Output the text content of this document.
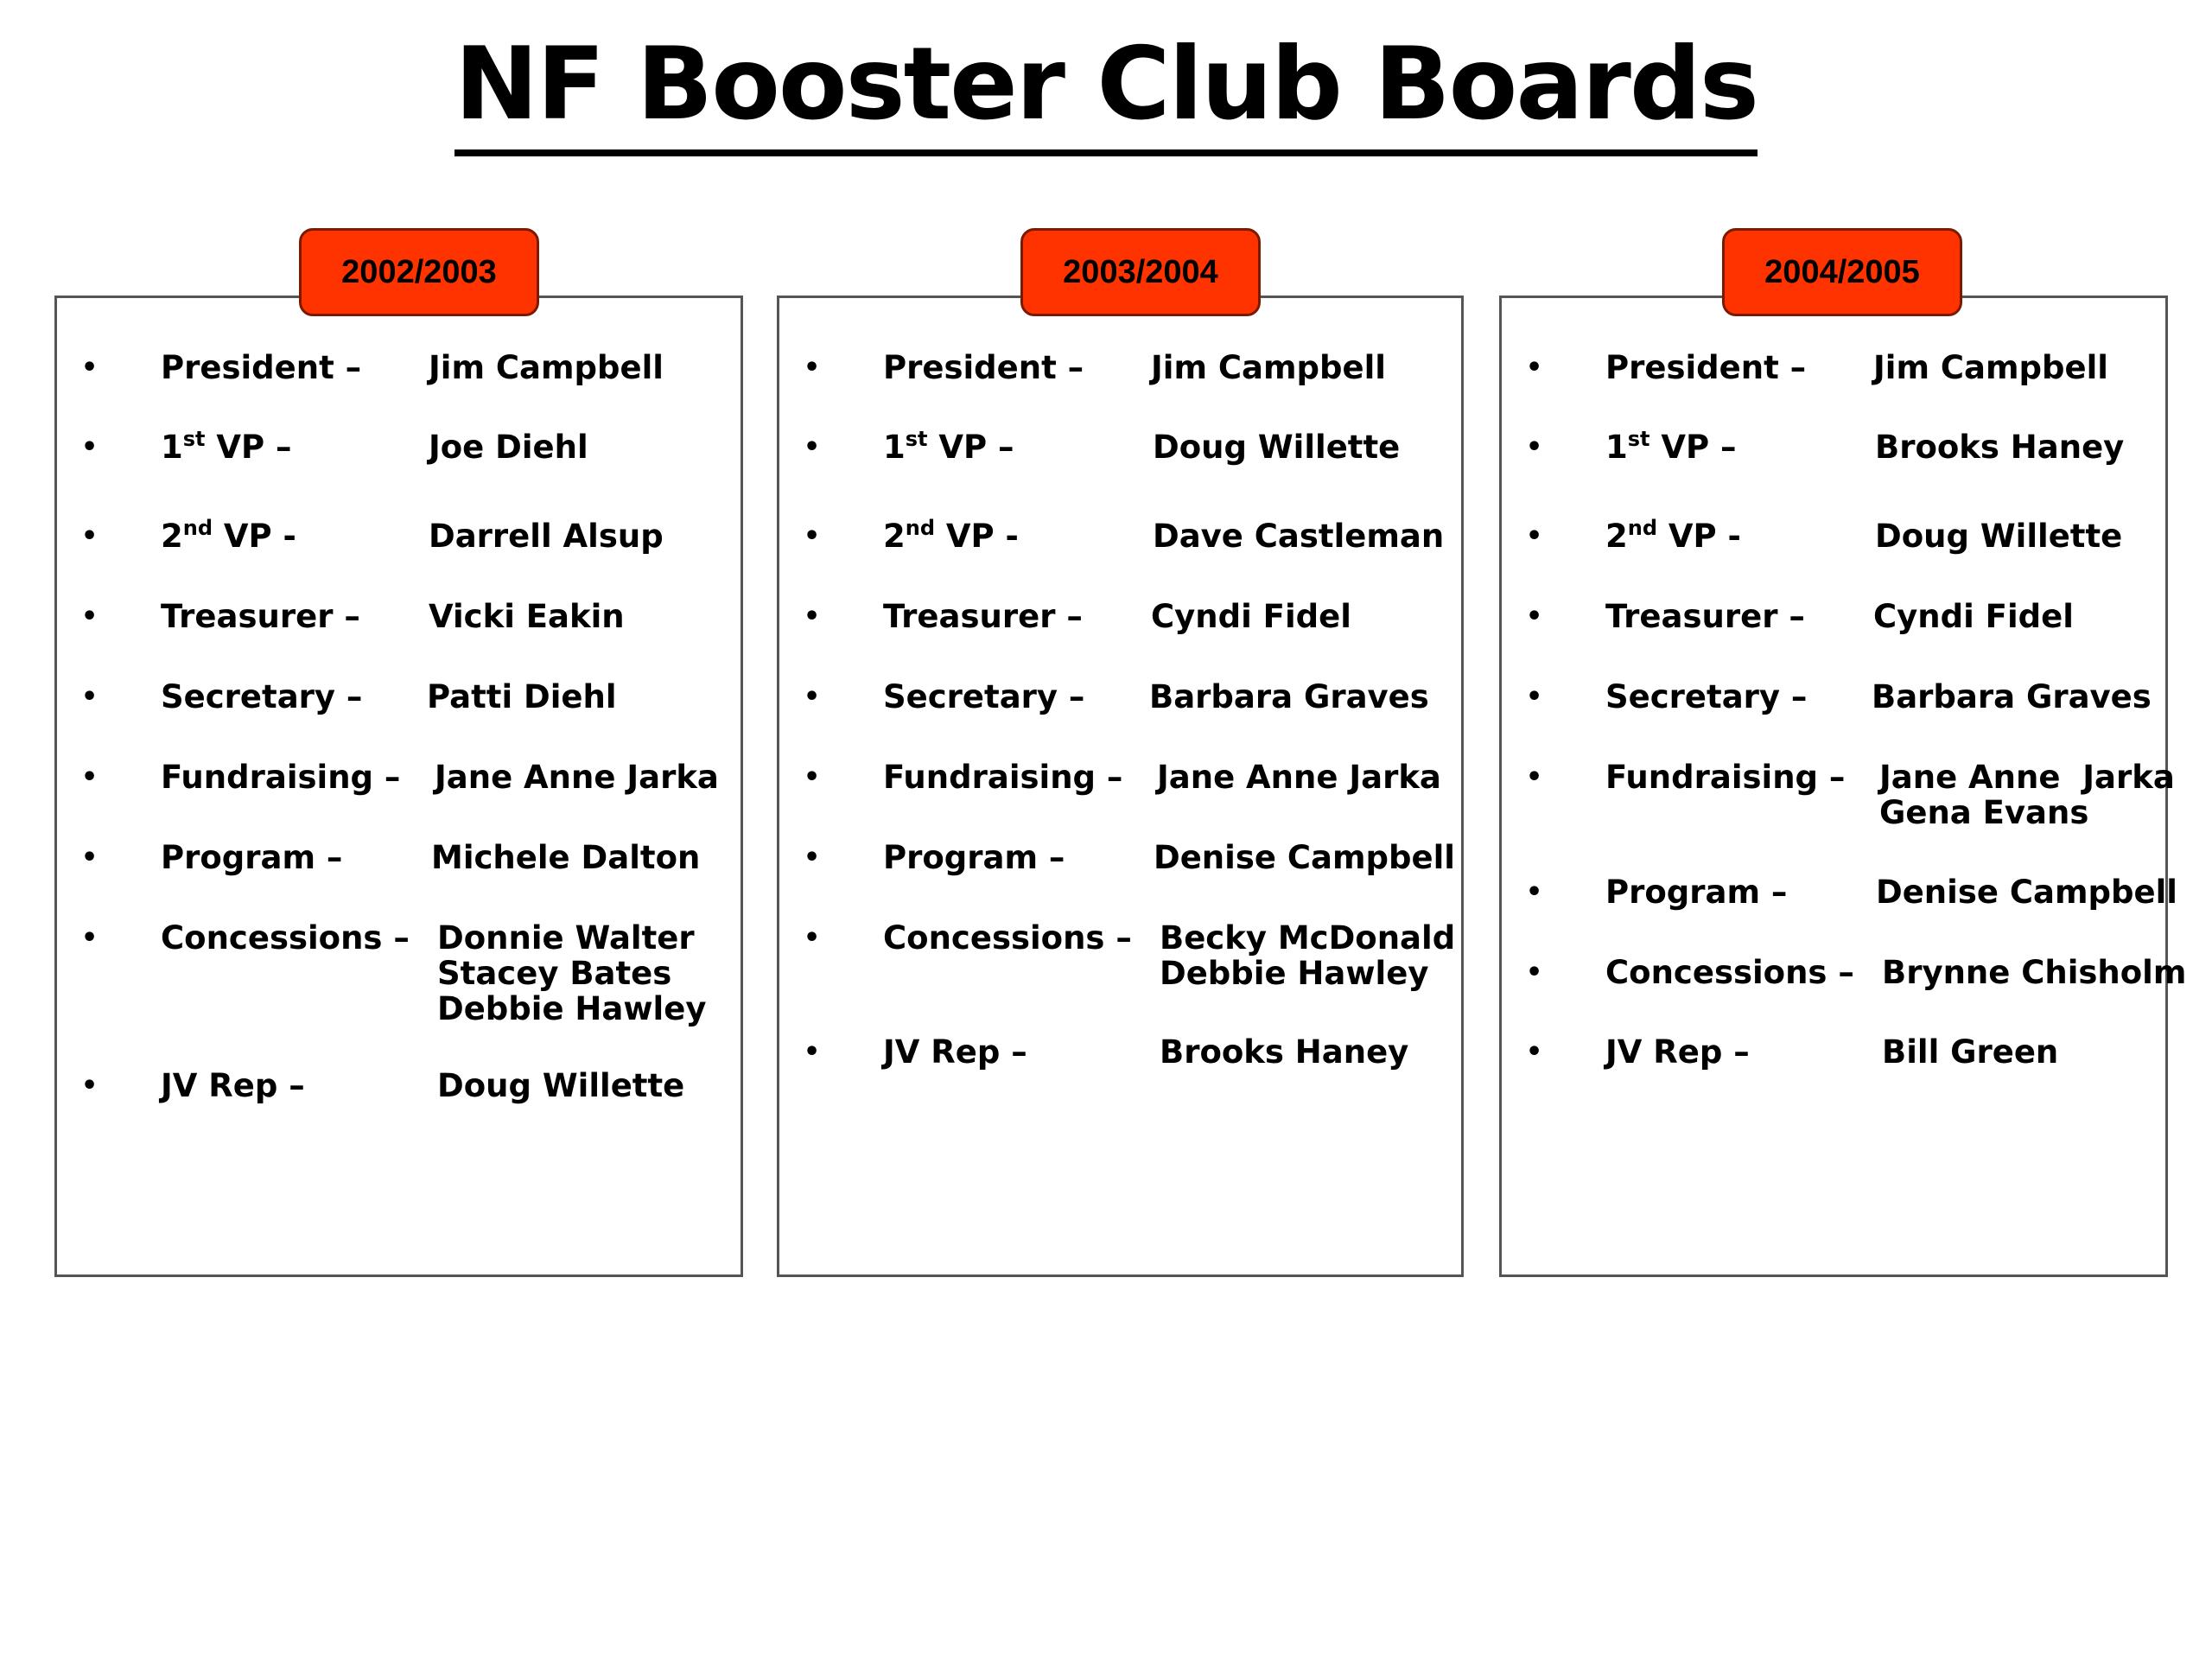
NF Booster Club Boards
2002/2003
• President – Jim Campbell
• 1st VP –	Joe Diehl
• 2nd VP -	Darrell Alsup
• Treasurer – Vicki Eakin
• Secretary – Patti Diehl
• Fundraising – Jane Anne Jarka
• Program –	Michele Dalton
• Concessions – Donnie Walter
Stacey Bates
Debbie Hawley
• JV Rep –	Doug Willette
2003/2004
• President – Jim Campbell
• 1st VP –	Doug Willette
• 2nd VP -	Dave Castleman
• Treasurer – Cyndi Fidel
• Secretary – Barbara Graves
• Fundraising – Jane Anne Jarka
• Program –	Denise Campbell
• Concessions – Becky McDonald
Debbie Hawley
• JV Rep –	Brooks Haney
2004/2005
• President – Jim Campbell
• 1st VP –	Brooks Haney
• 2nd VP -	Doug Willette
• Treasurer – Cyndi Fidel
• Secretary – Barbara Graves
• Fundraising – Jane Anne  Jarka
Gena Evans
• Program –	Denise Campbell
• Concessions – Brynne Chisholm
• JV Rep –	Bill Green
